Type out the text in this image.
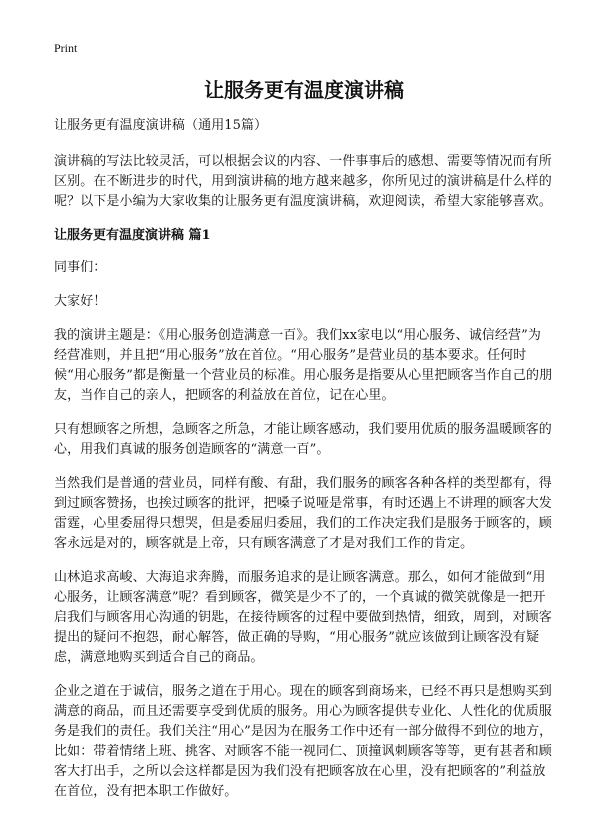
Print
让服务更有温度演讲稿

让服务更有温度演讲稿（通用15篇）

演讲稿的写法比较灵活，可以根据会议的内容、一件事事后的感想、需要等情况而有所区别。在不断进步的时代，用到演讲稿的地方越来越多，你所见过的演讲稿是什么样的呢？以下是小编为大家收集的让服务更有温度演讲稿，欢迎阅读，希望大家能够喜欢。

让服务更有温度演讲稿 篇1

同事们：

大家好！

我的演讲主题是：《用心服务创造满意一百》。我们xx家电以“用心服务、诚信经营”为经营准则，并且把“用心服务”放在首位。“用心服务”是营业员的基本要求。任何时候“用心服务”都是衡量一个营业员的标准。用心服务是指要从心里把顾客当作自己的朋友，当作自己的亲人，把顾客的利益放在首位，记在心里。

只有想顾客之所想，急顾客之所急，才能让顾客感动，我们要用优质的服务温暖顾客的心，用我们真诚的服务创造顾客的“满意一百”。

当然我们是普通的营业员，同样有酸、有甜，我们服务的顾客各种各样的类型都有，得到过顾客赞扬，也挨过顾客的批评，把嗓子说哑是常事，有时还遇上不讲理的顾客大发雷霆，心里委屈得只想哭，但是委屈归委屈，我们的工作决定我们是服务于顾客的，顾客永远是对的，顾客就是上帝，只有顾客满意了才是对我们工作的肯定。

山林追求高峻、大海追求奔腾，而服务追求的是让顾客满意。那么，如何才能做到“用心服务，让顾客满意”呢？看到顾客，微笑是少不了的，一个真诚的微笑就像是一把开启我们与顾客用心沟通的钥匙，在接待顾客的过程中要做到热情，细致，周到，对顾客提出的疑问不抱怨，耐心解答，做正确的导购，“用心服务”就应该做到让顾客没有疑虑，满意地购买到适合自己的商品。

企业之道在于诚信，服务之道在于用心。现在的顾客到商场来，已经不再只是想购买到满意的商品，而且还需要享受到优质的服务。用心为顾客提供专业化、人性化的优质服务是我们的责任。我们关注“用心”是因为在服务工作中还有一部分做得不到位的地方，比如：带着情绪上班、挑客、对顾客不能一视同仁、顶撞讽刺顾客等等，更有甚者和顾客大打出手，之所以会这样都是因为我们没有把顾客放在心里，没有把顾客的”利益放在首位，没有把本职工作做好。
